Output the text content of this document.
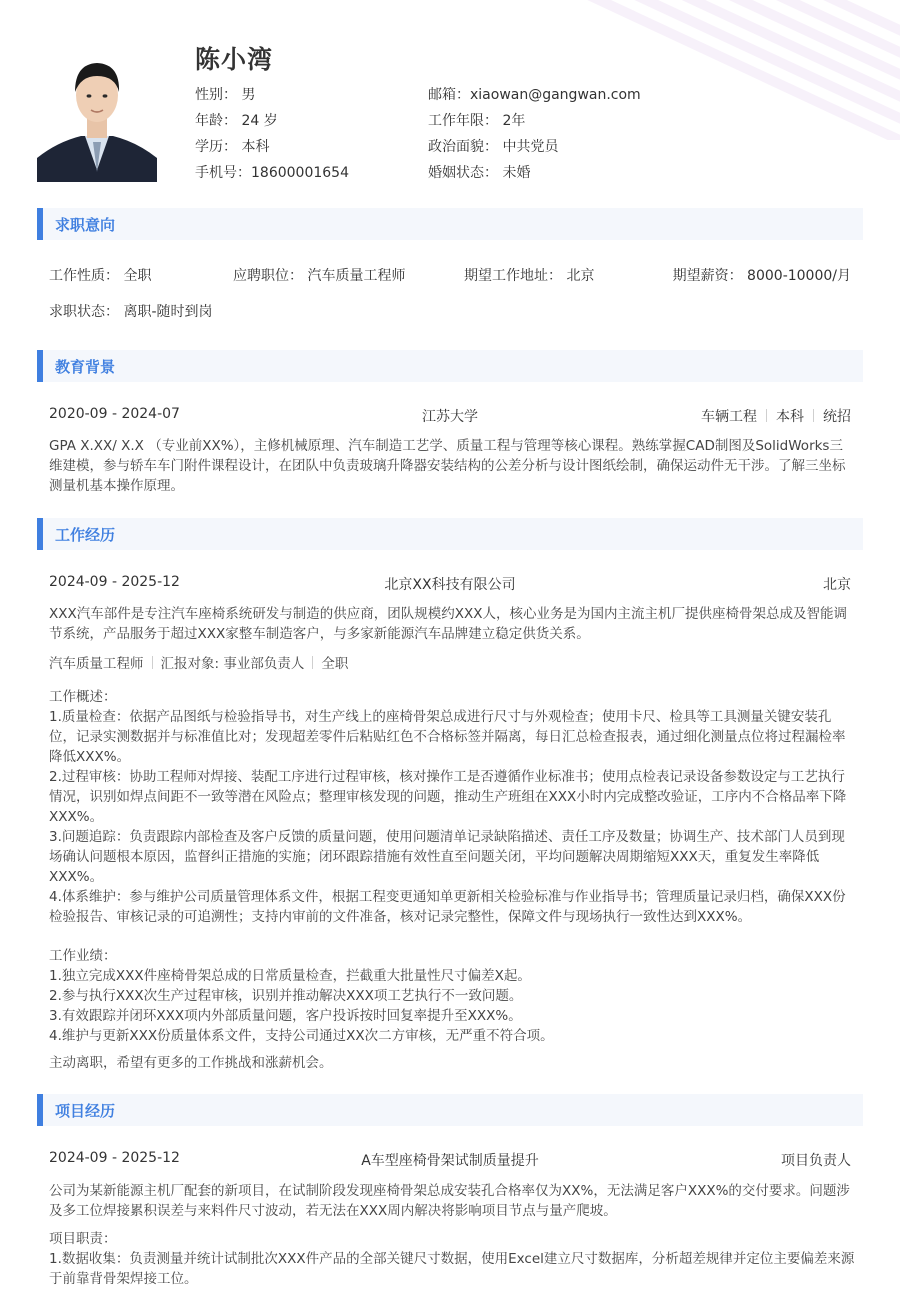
陈小湾
性别： 男	邮箱：xiaowan@gangwan.com
年龄： 24 岁	工作年限： 2年
学历： 本科	政治面貌： 中共党员
手机号：18600001654	婚姻状态： 未婚
求职意向
工作性质： 全职	应聘职位： 汽车质量工程师	期望工作地址： 北京	期望薪资： 8000-10000/月
求职状态： 离职-随时到岗
教育背景
2020-09 - 2024-07	江苏大学	车辆工程 本科 统招
GPA X.XX/ X.X （专业前XX%），主修机械原理、汽车制造工艺学、质量工程与管理等核心课程。熟练掌握CAD制图及SolidWorks三维建模，参与轿车车门附件课程设计，在团队中负责玻璃升降器安装结构的公差分析与设计图纸绘制，确保运动件无干涉。了解三坐标测量机基本操作原理。
工作经历
2024-09 - 2025-12	北京XX科技有限公司	北京
XXX汽车部件是专注汽车座椅系统研发与制造的供应商，团队规模约XXX人，核心业务是为国内主流主机厂提供座椅骨架总成及智能调节系统，产品服务于超过XXX家整车制造客户，与多家新能源汽车品牌建立稳定供货关系。
汽车质量工程师 汇报对象: 事业部负责人 全职
工作概述：
1.质量检查：依据产品图纸与检验指导书，对生产线上的座椅骨架总成进行尺寸与外观检查；使用卡尺、检具等工具测量关键安装孔位，记录实测数据并与标准值比对；发现超差零件后粘贴红色不合格标签并隔离，每日汇总检查报表，通过细化测量点位将过程漏检率降低XXX%。
2.过程审核：协助工程师对焊接、装配工序进行过程审核，核对操作工是否遵循作业标准书；使用点检表记录设备参数设定与工艺执行情况，识别如焊点间距不一致等潜在风险点；整理审核发现的问题，推动生产班组在XXX小时内完成整改验证，工序内不合格品率下降XXX%。
3.问题追踪：负责跟踪内部检查及客户反馈的质量问题，使用问题清单记录缺陷描述、责任工序及数量；协调生产、技术部门人员到现场确认问题根本原因，监督纠正措施的实施；闭环跟踪措施有效性直至问题关闭，平均问题解决周期缩短XXX天，重复发生率降低XXX%。
4.体系维护：参与维护公司质量管理体系文件，根据工程变更通知单更新相关检验标准与作业指导书；管理质量记录归档，确保XXX份检验报告、审核记录的可追溯性；支持内审前的文件准备，核对记录完整性，保障文件与现场执行一致性达到XXX%。
工作业绩：
1.独立完成XXX件座椅骨架总成的日常质量检查，拦截重大批量性尺寸偏差X起。
2.参与执行XXX次生产过程审核，识别并推动解决XXX项工艺执行不一致问题。
3.有效跟踪并闭环XXX项内外部质量问题，客户投诉按时回复率提升至XXX%。
4.维护与更新XXX份质量体系文件，支持公司通过XX次二方审核，无严重不符合项。
主动离职，希望有更多的工作挑战和涨薪机会。
项目经历
2024-09 - 2025-12	A车型座椅骨架试制质量提升	项目负责人
公司为某新能源主机厂配套的新项目，在试制阶段发现座椅骨架总成安装孔合格率仅为XX%，无法满足客户XXX%的交付要求。问题涉及多工位焊接累积误差与来料件尺寸波动，若无法在XXX周内解决将影响项目节点与量产爬坡。
项目职责：
1.数据收集：负责测量并统计试制批次XXX件产品的全部关键尺寸数据，使用Excel建立尺寸数据库，分析超差规律并定位主要偏差来源于前靠背骨架焊接工位。
